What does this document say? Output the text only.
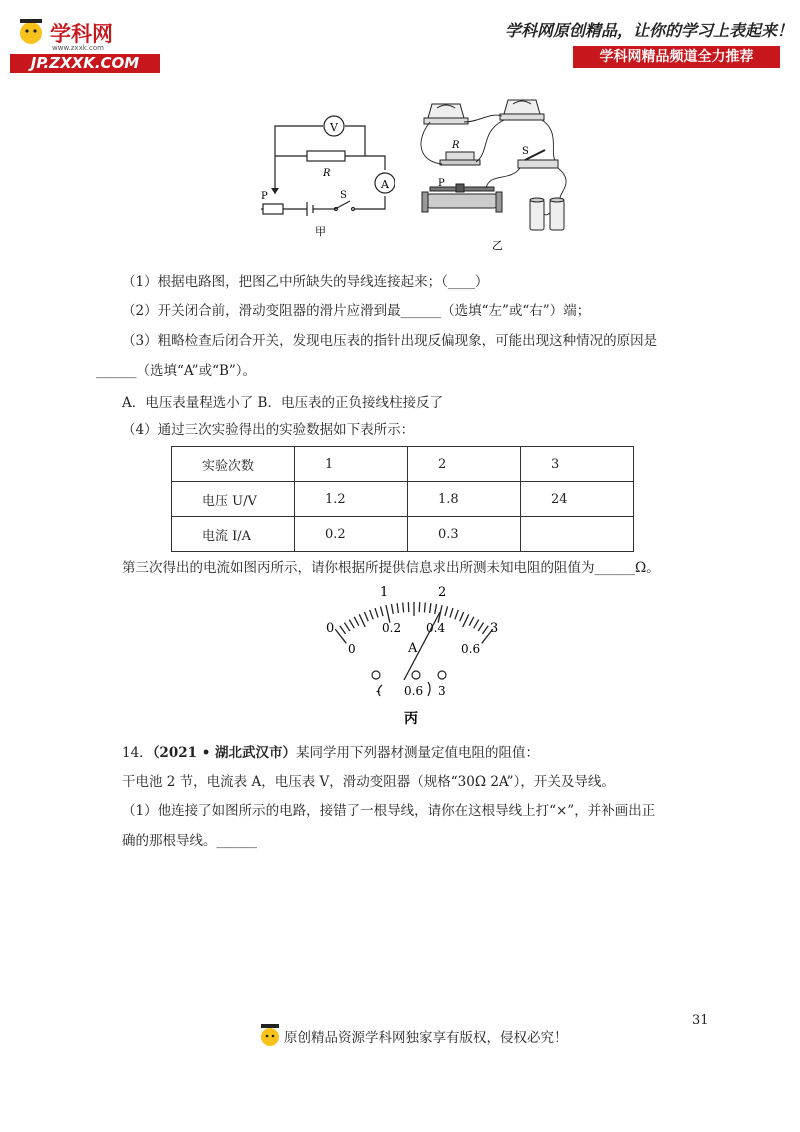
学科网
www.zxxk.com
JP.ZXXK.COM
学科网原创精品，让你的学习上表起来！
学科网精品频道全力推荐
V
A
R
P	S
甲
R
S
P
乙
（1）根据电路图，把图乙中所缺失的导线连接起来；（____）
（2）开关闭合前，滑动变阻器的滑片应滑到最______（选填“左”或“右”）端；
（3）粗略检查后闭合开关，发现电压表的指针出现反偏现象，可能出现这种情况的原因是
______（选填“A”或“B”）。
A．电压表量程选小了 B．电压表的正负接线柱接反了
（4）通过三次实验得出的实验数据如下表所示：
实验次数	1	2	3
电压 U/V	1.2	1.8	24
电流 I/A	0.2	0.3	
第三次得出的电流如图丙所示，请你根据所提供信息求出所测未知电阻的阻值为______Ω。
0
1	2
3
0
0.2 0.4
0.6
A
- 0.6 3
丙
14．（2021 • 湖北武汉市）某同学用下列器材测量定值电阻的阻值：
干电池 2 节，电流表 A，电压表 V，滑动变阻器（规格“30Ω 2A”），开关及导线。
（1）他连接了如图所示的电路，接错了一根导线，请你在这根导线上打“×”，并补画出正
确的那根导线。______
31
原创精品资源学科网独家享有版权，侵权必究！
